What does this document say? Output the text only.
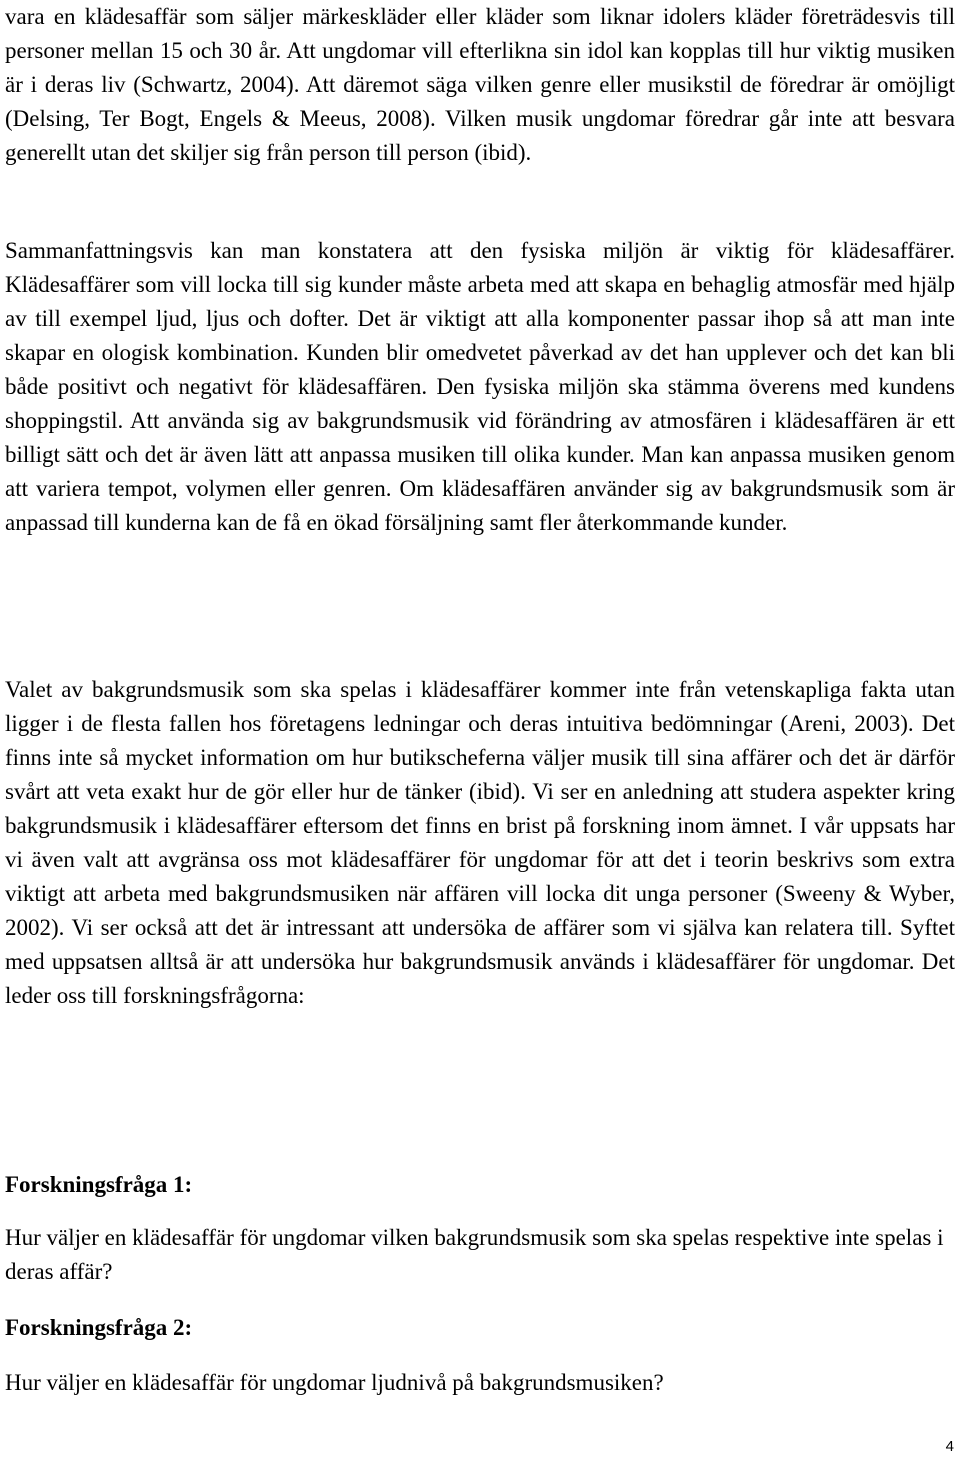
vara en klädesaffär som säljer märkeskläder eller kläder som liknar idolers kläder företrädesvis till personer mellan 15 och 30 år. Att ungdomar vill efterlikna sin idol kan kopplas till hur viktig musiken är i deras liv (Schwartz, 2004). Att däremot säga vilken genre eller musikstil de föredrar är omöjligt (Delsing, Ter Bogt, Engels & Meeus, 2008). Vilken musik ungdomar föredrar går inte att besvara generellt utan det skiljer sig från person till person (ibid).

Sammanfattningsvis kan man konstatera att den fysiska miljön är viktig för klädesaffärer. Klädesaffärer som vill locka till sig kunder måste arbeta med att skapa en behaglig atmosfär med hjälp av till exempel ljud, ljus och dofter. Det är viktigt att alla komponenter passar ihop så att man inte skapar en ologisk kombination. Kunden blir omedvetet påverkad av det han upplever och det kan bli både positivt och negativt för klädesaffären. Den fysiska miljön ska stämma överens med kundens shoppingstil. Att använda sig av bakgrundsmusik vid förändring av atmosfären i klädesaffären är ett billigt sätt och det är även lätt att anpassa musiken till olika kunder. Man kan anpassa musiken genom att variera tempot, volymen eller genren. Om klädesaffären använder sig av bakgrundsmusik som är anpassad till kunderna kan de få en ökad försäljning samt fler återkommande kunder.

Valet av bakgrundsmusik som ska spelas i klädesaffärer kommer inte från vetenskapliga fakta utan ligger i de flesta fallen hos företagens ledningar och deras intuitiva bedömningar (Areni, 2003). Det finns inte så mycket information om hur butikscheferna väljer musik till sina affärer och det är därför svårt att veta exakt hur de gör eller hur de tänker (ibid). Vi ser en anledning att studera aspekter kring bakgrundsmusik i klädesaffärer eftersom det finns en brist på forskning inom ämnet. I vår uppsats har vi även valt att avgränsa oss mot klädesaffärer för ungdomar för att det i teorin beskrivs som extra viktigt att arbeta med bakgrundsmusiken när affären vill locka dit unga personer (Sweeny & Wyber, 2002). Vi ser också att det är intressant att undersöka de affärer som vi själva kan relatera till. Syftet med uppsatsen alltså är att undersöka hur bakgrundsmusik används i klädesaffärer för ungdomar. Det leder oss till forskningsfrågorna:

Forskningsfråga 1:

Hur väljer en klädesaffär för ungdomar vilken bakgrundsmusik som ska spelas respektive inte spelas i deras affär?

Forskningsfråga 2:

Hur väljer en klädesaffär för ungdomar ljudnivå på bakgrundsmusiken?

4
